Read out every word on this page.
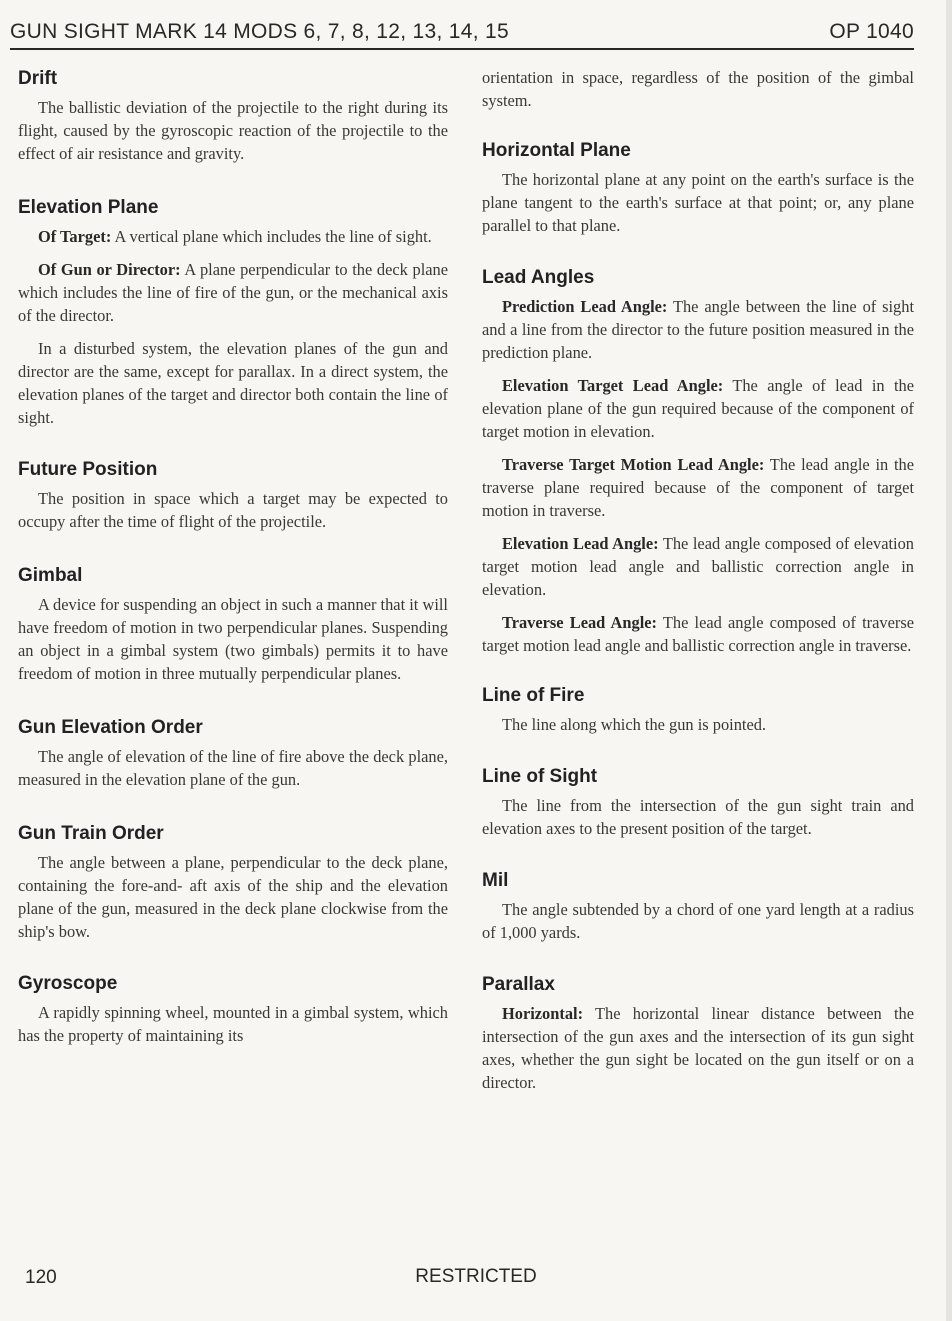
GUN SIGHT MARK 14 MODS 6, 7, 8, 12, 13, 14, 15	OP 1040
Drift

The ballistic deviation of the projectile to the right during its flight, caused by the gyroscopic reaction of the projectile to the effect of air resistance and gravity.

Elevation Plane

Of Target: A vertical plane which includes the line of sight.

Of Gun or Director: A plane perpendicular to the deck plane which includes the line of fire of the gun, or the mechanical axis of the director.

In a disturbed system, the elevation planes of the gun and director are the same, except for parallax. In a direct system, the elevation planes of the target and director both contain the line of sight.

Future Position

The position in space which a target may be expected to occupy after the time of flight of the projectile.

Gimbal

A device for suspending an object in such a manner that it will have freedom of motion in two perpendicular planes. Suspending an object in a gimbal system (two gimbals) permits it to have freedom of motion in three mutually perpendicular planes.

Gun Elevation Order

The angle of elevation of the line of fire above the deck plane, measured in the elevation plane of the gun.

Gun Train Order

The angle between a plane, perpendicular to the deck plane, containing the fore-and- aft axis of the ship and the elevation plane of the gun, measured in the deck plane clockwise from the ship's bow.

Gyroscope

A rapidly spinning wheel, mounted in a gimbal system, which has the property of maintaining its

orientation in space, regardless of the position of the gimbal system.

Horizontal Plane

The horizontal plane at any point on the earth's surface is the plane tangent to the earth's surface at that point; or, any plane parallel to that plane.

Lead Angles

Prediction Lead Angle: The angle between the line of sight and a line from the director to the future position measured in the prediction plane.

Elevation Target Lead Angle: The angle of lead in the elevation plane of the gun required because of the component of target motion in elevation.

Traverse Target Motion Lead Angle: The lead angle in the traverse plane required because of the component of target motion in traverse.

Elevation Lead Angle: The lead angle composed of elevation target motion lead angle and ballistic correction angle in elevation.

Traverse Lead Angle: The lead angle composed of traverse target motion lead angle and ballistic correction angle in traverse.

Line of Fire

The line along which the gun is pointed.

Line of Sight

The line from the intersection of the gun sight train and elevation axes to the present position of the target.

Mil

The angle subtended by a chord of one yard length at a radius of 1,000 yards.

Parallax

Horizontal: The horizontal linear distance between the intersection of the gun axes and the intersection of its gun sight axes, whether the gun sight be located on the gun itself or on a director.

120	RESTRICTED
